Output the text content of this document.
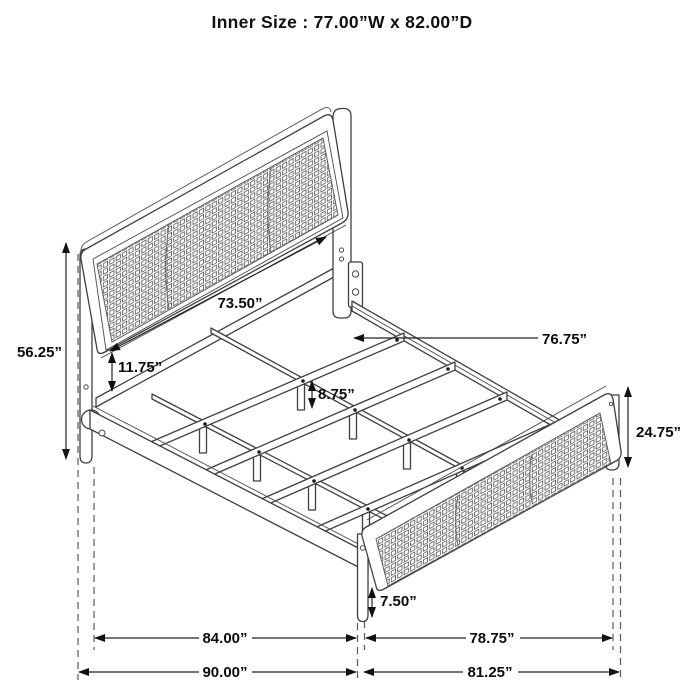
Inner Size : 77.00”W x 82.00”D
56.25”
73.50”
76.75”
11.75”
8.75”
24.75”
7.50”
84.00”	78.75”
90.00”	81.25”
